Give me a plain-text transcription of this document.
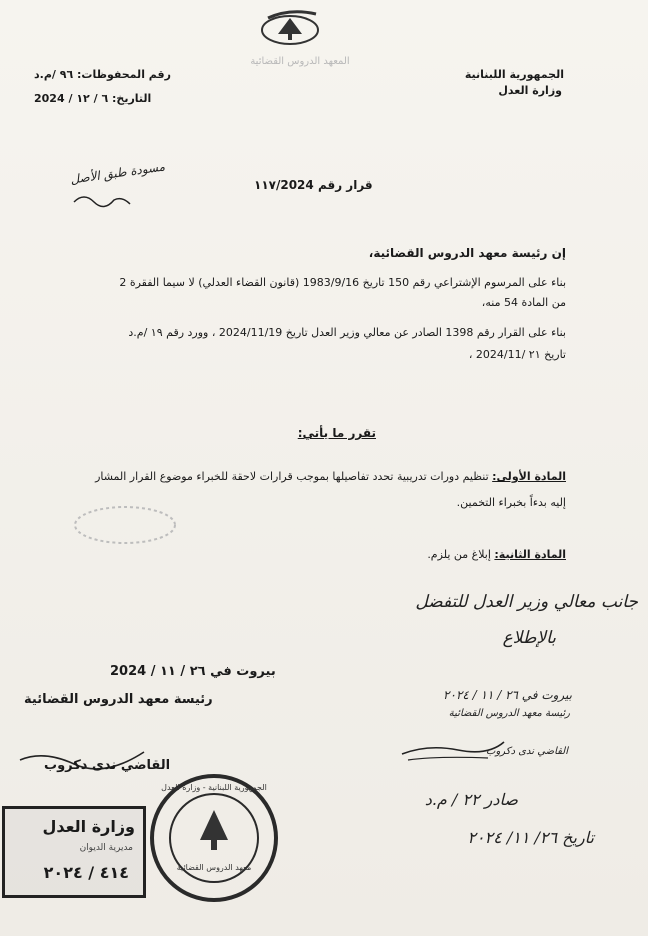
المعهد الدروس القضائية
الجمهورية اللبنانية
وزارة العدل
رقم المحفوظات: ٩٦ /م.د
التاريخ: ٦ / ١٢ / 2024
مسودة طبق الأصل	قرار رقم ١١٧/2024
إن رئيسة معهد الدروس القضائية،
بناء على المرسوم الإشتراعي رقم 150 تاريخ 1983/9/16 (قانون القضاء العدلي) لا سيما الفقرة 2
من المادة 54 منه،
بناء على القرار رقم 1398 الصادر عن معالي وزير العدل تاريخ 2024/11/19 ، وورد رقم ١٩ /م.د
تاريخ ٢١ /2024/11 ،
تقرر ما يأتي:
المادة الأولى: تنظيم دورات تدريبية تحدد تفاصيلها بموجب قرارات لاحقة للخبراء موضوع القرار المشار
إليه بدءاً بخبراء التخمين.
المادة الثانية: إبلاغ من يلزم.
جانب معالي وزير العدل للتفضل
بالإطلاع
بيروت في ٢٦ / ١١ / ٢٠٢٤
رئيسة معهد الدروس القضائية
القاضي ندى دكروب
صادر ٢٢ / م.د
تاريخ ٢٦/ ١١/ ٢٠٢٤
بيروت في ٢٦ / ١١ / 2024
رئيسة معهد الدروس القضائية
القاضي ندى دكروب
وزارة العدل
مديرية الديوان
٤١٤ / ٢٠٢٤	معهد الدروس القضائية
الجمهورية اللبنانية - وزارة العدل
